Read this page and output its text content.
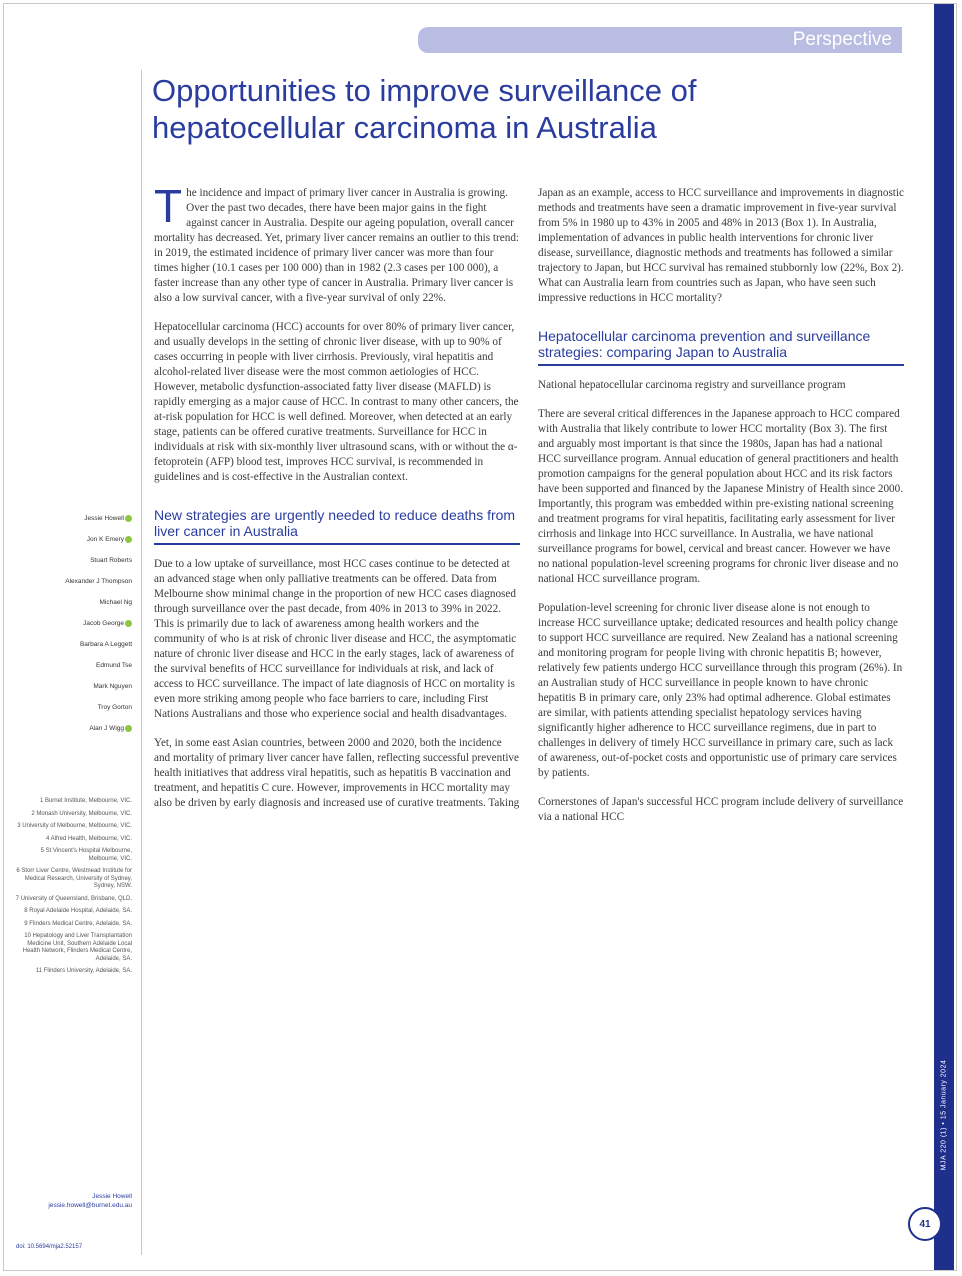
MJA 220 (1) • 15 January 2024
41
Perspective
Opportunities to improve surveillance of hepatocellular carcinoma in Australia
Jessie Howell
Jon K Emery
Stuart Roberts
Alexander J Thompson
Michael Ng
Jacob George
Barbara A Leggett
Edmund Tse
Mark Nguyen
Troy Gorton
Alan J Wigg
1 Burnet Institute, Melbourne, VIC.
2 Monash University, Melbourne, VIC.
3 University of Melbourne, Melbourne, VIC.
4 Alfred Health, Melbourne, VIC.
5 St Vincent's Hospital Melbourne, Melbourne, VIC.
6 Storr Liver Centre, Westmead Institute for Medical Research, University of Sydney, Sydney, NSW.
7 University of Queensland, Brisbane, QLD.
8 Royal Adelaide Hospital, Adelaide, SA.
9 Flinders Medical Centre, Adelaide, SA.
10 Hepatology and Liver Transplantation Medicine Unit, Southern Adelaide Local Health Network, Flinders Medical Centre, Adelaide, SA.
11 Flinders University, Adelaide, SA.
Jessie Howell
jessie.howell@burnet.edu.au
doi: 10.5694/mja2.52157

The incidence and impact of primary liver cancer in Australia is growing. Over the past two decades, there have been major gains in the fight against cancer in Australia. Despite our ageing population, overall cancer mortality has decreased. Yet, primary liver cancer remains an outlier to this trend: in 2019, the estimated incidence of primary liver cancer was more than four times higher (10.1 cases per 100 000) than in 1982 (2.3 cases per 100 000), a faster increase than any other type of cancer in Australia. Primary liver cancer is also a low survival cancer, with a five-year survival of only 22%.

Hepatocellular carcinoma (HCC) accounts for over 80% of primary liver cancer, and usually develops in the setting of chronic liver disease, with up to 90% of cases occurring in people with liver cirrhosis. Previously, viral hepatitis and alcohol-related liver disease were the most common aetiologies of HCC. However, metabolic dysfunction-associated fatty liver disease (MAFLD) is rapidly emerging as a major cause of HCC. In contrast to many other cancers, the at-risk population for HCC is well defined. Moreover, when detected at an early stage, patients can be offered curative treatments. Surveillance for HCC in individuals at risk with six-monthly liver ultrasound scans, with or without the α-fetoprotein (AFP) blood test, improves HCC survival, is recommended in guidelines and is cost-effective in the Australian context.

New strategies are urgently needed to reduce deaths from liver cancer in Australia

Due to a low uptake of surveillance, most HCC cases continue to be detected at an advanced stage when only palliative treatments can be offered. Data from Melbourne show minimal change in the proportion of new HCC cases diagnosed through surveillance over the past decade, from 40% in 2013 to 39% in 2022. This is primarily due to lack of awareness among health workers and the community of who is at risk of chronic liver disease and HCC, the asymptomatic nature of chronic liver disease and HCC in the early stages, lack of awareness of the survival benefits of HCC surveillance for individuals at risk, and lack of access to HCC surveillance. The impact of late diagnosis of HCC on mortality is even more striking among people who face barriers to care, including First Nations Australians and those who experience social and health disadvantages.

Yet, in some east Asian countries, between 2000 and 2020, both the incidence and mortality of primary liver cancer have fallen, reflecting successful preventive health initiatives that address viral hepatitis, such as hepatitis B vaccination and treatment, and hepatitis C cure. However, improvements in HCC mortality may also be driven by early diagnosis and increased use of curative treatments. Taking

Japan as an example, access to HCC surveillance and improvements in diagnostic methods and treatments have seen a dramatic improvement in five-year survival from 5% in 1980 up to 43% in 2005 and 48% in 2013 (Box 1). In Australia, implementation of advances in public health interventions for chronic liver disease, surveillance, diagnostic methods and treatments has followed a similar trajectory to Japan, but HCC survival has remained stubbornly low (22%, Box 2). What can Australia learn from countries such as Japan, who have seen such impressive reductions in HCC mortality?

Hepatocellular carcinoma prevention and surveillance strategies: comparing Japan to Australia

National hepatocellular carcinoma registry and surveillance program

There are several critical differences in the Japanese approach to HCC compared with Australia that likely contribute to lower HCC mortality (Box 3). The first and arguably most important is that since the 1980s, Japan has had a national HCC surveillance program. Annual education of general practitioners and health promotion campaigns for the general population about HCC and its risk factors have been supported and financed by the Japanese Ministry of Health since 2000. Importantly, this program was embedded within pre-existing national screening and treatment programs for viral hepatitis, facilitating early assessment for liver cirrhosis and linkage into HCC surveillance. In Australia, we have national surveillance programs for bowel, cervical and breast cancer. However we have no national population-level screening programs for chronic liver disease and no national HCC surveillance program.

Population-level screening for chronic liver disease alone is not enough to increase HCC surveillance uptake; dedicated resources and health policy change to support HCC surveillance are required. New Zealand has a national screening and monitoring program for people living with chronic hepatitis B; however, relatively few patients undergo HCC surveillance through this program (26%). In an Australian study of HCC surveillance in people known to have chronic hepatitis B in primary care, only 23% had optimal adherence. Global estimates are similar, with patients attending specialist hepatology services having significantly higher adherence to HCC surveillance regimens, due in part to challenges in delivery of timely HCC surveillance in primary care, such as lack of awareness, out-of-pocket costs and opportunistic use of primary care services by patients.

Cornerstones of Japan's successful HCC program include delivery of surveillance via a national HCC
